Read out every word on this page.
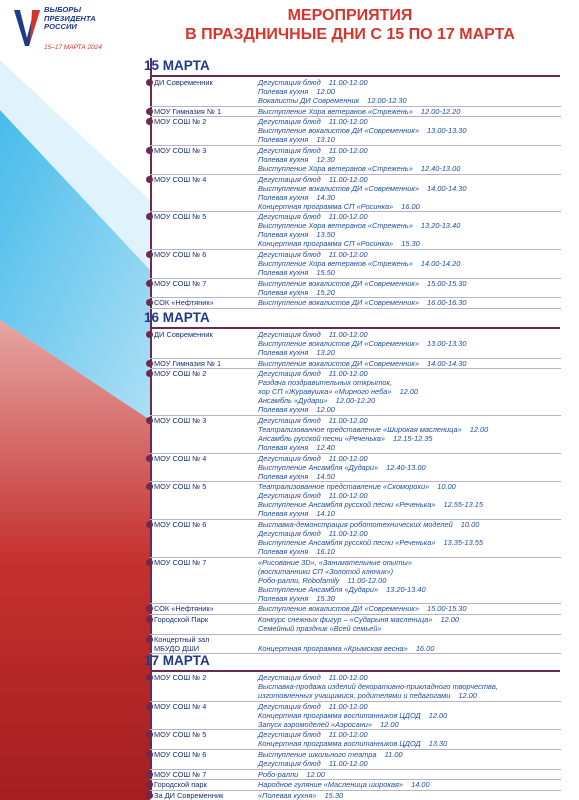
ВЫБОРЫ
ПРЕЗИДЕНТА
РОССИИ
15–17 МАРТА 2024
МЕРОПРИЯТИЯ
В ПРАЗДНИЧНЫЕ ДНИ С 15 ПО 17 МАРТА
15 МАРТА
ДИ Современник	Дегустация блюд 11.00-12.00
Полевая кухня 12.00
Вокалисты ДИ Современник 12.00-12.30
МОУ Гимназия № 1	Выступление Хора ветеранов «Стрежень» 12.00-12.20
МОУ СОШ № 2	Дегустация блюд 11.00-12.00
Выступление вокалистов ДИ «Современник» 13.00-13.30
Полевая кухня 13.10
МОУ СОШ № 3	Дегустация блюд 11.00-12.00
Полевая кухня 12.30
Выступление Хора ветеранов «Стрежень» 12.40-13.00
МОУ СОШ № 4	Дегустация блюд 11.00-12.00
Выступление вокалистов ДИ «Современник» 14.00-14.30
Полевая кухня 14.30
Концертная программа СП «Росинка» 16.00
МОУ СОШ № 5	Дегустация блюд 11.00-12.00
Выступление Хора ветеранов «Стрежень» 13.20-13.40
Полевая кухня 13.50
Концертная программа СП «Росинка» 15.30
МОУ СОШ № 6	Дегустация блюд 11.00-12.00
Выступление Хора ветеранов «Стрежень» 14.00-14.20
Полевая кухня 15.50
МОУ СОШ № 7	Выступление вокалистов ДИ «Современник» 15.00-15.30
Полевая кухня 15.20
СОК «Нефтяник»	Выступление вокалистов ДИ «Современник» 16.00-16.30
16 МАРТА
ДИ Современник	Дегустация блюд 11.00-12.00
Выступление вокалистов ДИ «Современник» 13.00-13.30
Полевая кухня 13.20
МОУ Гимназия № 1	Выступление вокалистов ДИ «Современник» 14.00-14.30
МОУ СОШ № 2	Дегустация блюд 11.00-12.00
Раздача поздравительных открыток,
хор СП «Журавушка» «Мирного неба» 12.00
Ансамбль «Дудари» 12.00-12.20
Полевая кухня 12.00
МОУ СОШ № 3	Дегустация блюд 11.00-12.00
Театрализованное представление «Широкая масленица» 12.00
Ансамбль русской песни «Реченька» 12.15-12.35
Полевая кухня 12.40
МОУ СОШ № 4	Дегустация блюд 11.00-12.00
Выступление Ансамбля «Дудари» 12.40-13.00
Полевая кухня 14.50
МОУ СОШ № 5	Театрализованное представление «Скоморохи» 10.00
Дегустация блюд 11.00-12.00
Выступление Ансамбля русской песни «Реченька» 12.55-13.15
Полевая кухня 14.10
МОУ СОШ № 6	Выставка-демонстрация робототехнических моделей 10.00
Дегустация блюд 11.00-12.00
Выступление Ансамбля русской песни «Реченька» 13.35-13.55
Полевая кухня 16.10
МОУ СОШ № 7	«Рисование 3D», «Занимательные опыты»
(воспитанники СП «Золотой ключик»)
Робо-ралли, Robofamily 11.00-12.00
Выступление Ансамбля «Дудари» 13.20-13.40
Полевая кухня 15.30
СОК «Нефтяник»	Выступление вокалистов ДИ «Современник» 15.00-15.30
Городской Парк	Конкурс снежных фигур – «Сударыня масленица» 12.00
Семейный праздник «Всей семьей»
Концертный зал
МБУДО ДШИ	Концертная программа «Крымская весна» 16.00
17 МАРТА
МОУ СОШ № 2	Дегустация блюд 11.00-12.00
Выставка-продажа изделий декоративно-прикладного творчества,
изготовленных учащимися, родителями и педагогами 12.00
МОУ СОШ № 4	Дегустация блюд 11.00-12.00
Концертная программа воспитанников ЦДОД 12.00
Запуск аэромоделей «Аэросани» 12.00
МОУ СОШ № 5	Дегустация блюд 11.00-12.00
Концертная программа воспитанников ЦДОД 13.30
МОУ СОШ № 6	Выступление школьного театра 11.00
Дегустация блюд 11.00-12.00
МОУ СОШ № 7	Робо-ралли 12.00
Городской парк	Народное гуляние «Масленица широкая» 14.00
За ДИ Современник	«Полевая кухня» 15.30
